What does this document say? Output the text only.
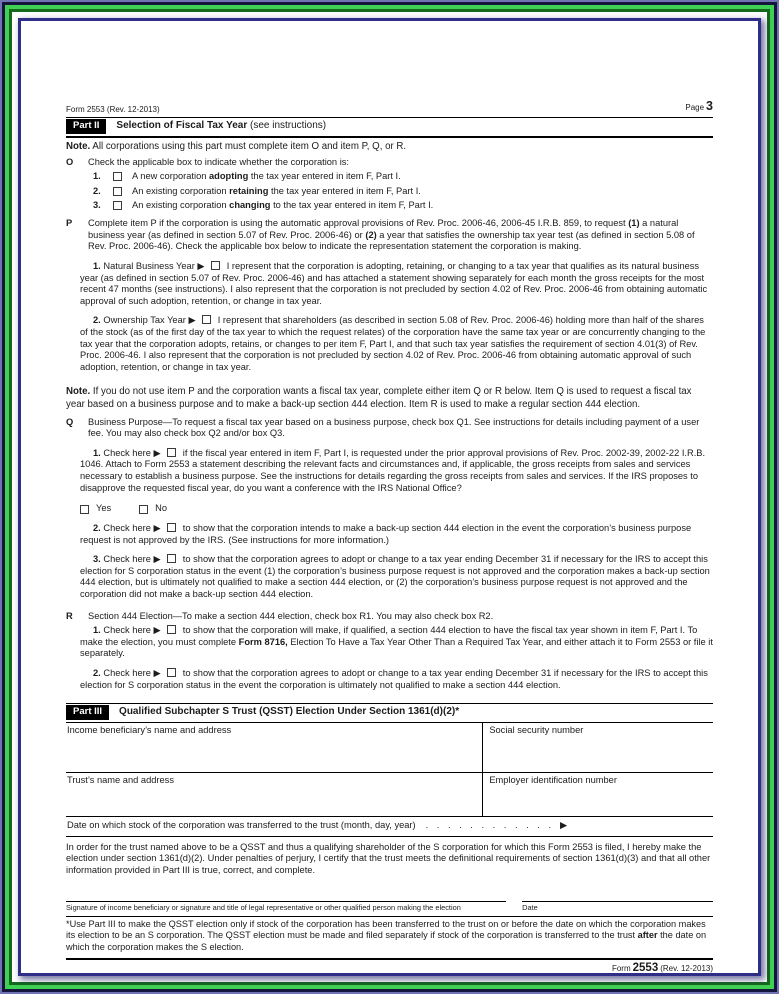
Form 2553 (Rev. 12-2013)	Page 3
Part II	Selection of Fiscal Tax Year (see instructions)
Note. All corporations using this part must complete item O and item P, Q, or R.
O	Check the applicable box to indicate whether the corporation is:
1.	A new corporation adopting the tax year entered in item F, Part I.
2.	An existing corporation retaining the tax year entered in item F, Part I.
3.	An existing corporation changing to the tax year entered in item F, Part I.
P	Complete item P if the corporation is using the automatic approval provisions of Rev. Proc. 2006-46, 2006-45 I.R.B. 859, to request (1) a natural business year (as defined in section 5.07 of Rev. Proc. 2006-46) or (2) a year that satisfies the ownership tax year test (as defined in section 5.08 of Rev. Proc. 2006-46). Check the applicable box below to indicate the representation statement the corporation is making.
1. Natural Business Year ▶  I represent that the corporation is adopting, retaining, or changing to a tax year that qualifies as its natural business year (as defined in section 5.07 of Rev. Proc. 2006-46) and has attached a statement showing separately for each month the gross receipts for the most recent 47 months (see instructions). I also represent that the corporation is not precluded by section 4.02 of Rev. Proc. 2006-46 from obtaining automatic approval of such adoption, retention, or change in tax year.
2. Ownership Tax Year ▶  I represent that shareholders (as described in section 5.08 of Rev. Proc. 2006-46) holding more than half of the shares of the stock (as of the first day of the tax year to which the request relates) of the corporation have the same tax year or are concurrently changing to the tax year that the corporation adopts, retains, or changes to per item F, Part I, and that such tax year satisfies the requirement of section 4.01(3) of Rev. Proc. 2006-46. I also represent that the corporation is not precluded by section 4.02 of Rev. Proc. 2006-46 from obtaining automatic approval of such adoption, retention, or change in tax year.
Note. If you do not use item P and the corporation wants a fiscal tax year, complete either item Q or R below. Item Q is used to request a fiscal tax year based on a business purpose and to make a back-up section 444 election. Item R is used to make a regular section 444 election.
Q	Business Purpose—To request a fiscal tax year based on a business purpose, check box Q1. See instructions for details including payment of a user fee. You may also check box Q2 and/or box Q3.
1. Check here ▶  if the fiscal year entered in item F, Part I, is requested under the prior approval provisions of Rev. Proc. 2002-39, 2002-22 I.R.B. 1046. Attach to Form 2553 a statement describing the relevant facts and circumstances and, if applicable, the gross receipts from sales and services necessary to establish a business purpose. See the instructions for details regarding the gross receipts from sales and services. If the IRS proposes to disapprove the requested fiscal year, do you want a conference with the IRS National Office?
Yes	No
2. Check here ▶  to show that the corporation intends to make a back-up section 444 election in the event the corporation’s business purpose request is not approved by the IRS. (See instructions for more information.)
3. Check here ▶  to show that the corporation agrees to adopt or change to a tax year ending December 31 if necessary for the IRS to accept this election for S corporation status in the event (1) the corporation’s business purpose request is not approved and the corporation makes a back-up section 444 election, but is ultimately not qualified to make a section 444 election, or (2) the corporation’s business purpose request is not approved and the corporation did not make a back-up section 444 election.
R	Section 444 Election—To make a section 444 election, check box R1. You may also check box R2.
1. Check here ▶  to show that the corporation will make, if qualified, a section 444 election to have the fiscal tax year shown in item F, Part I. To make the election, you must complete Form 8716, Election To Have a Tax Year Other Than a Required Tax Year, and either attach it to Form 2553 or file it separately.
2. Check here ▶  to show that the corporation agrees to adopt or change to a tax year ending December 31 if necessary for the IRS to accept this election for S corporation status in the event the corporation is ultimately not qualified to make a section 444 election.
Part III	Qualified Subchapter S Trust (QSST) Election Under Section 1361(d)(2)*
Income beneficiary’s name and address	Social security number
Trust’s name and address	Employer identification number
Date on which stock of the corporation was transferred to the trust (month, day, year) . . . . . . . . . . . . ▶
In order for the trust named above to be a QSST and thus a qualifying shareholder of the S corporation for which this Form 2553 is filed, I hereby make the election under section 1361(d)(2). Under penalties of perjury, I certify that the trust meets the definitional requirements of section 1361(d)(3) and that all other information provided in Part III is true, correct, and complete.
Signature of income beneficiary or signature and title of legal representative or other qualified person making the election	Date
*Use Part III to make the QSST election only if stock of the corporation has been transferred to the trust on or before the date on which the corporation makes its election to be an S corporation. The QSST election must be made and filed separately if stock of the corporation is transferred to the trust after the date on which the corporation makes the S election.
Form 2553 (Rev. 12-2013)
